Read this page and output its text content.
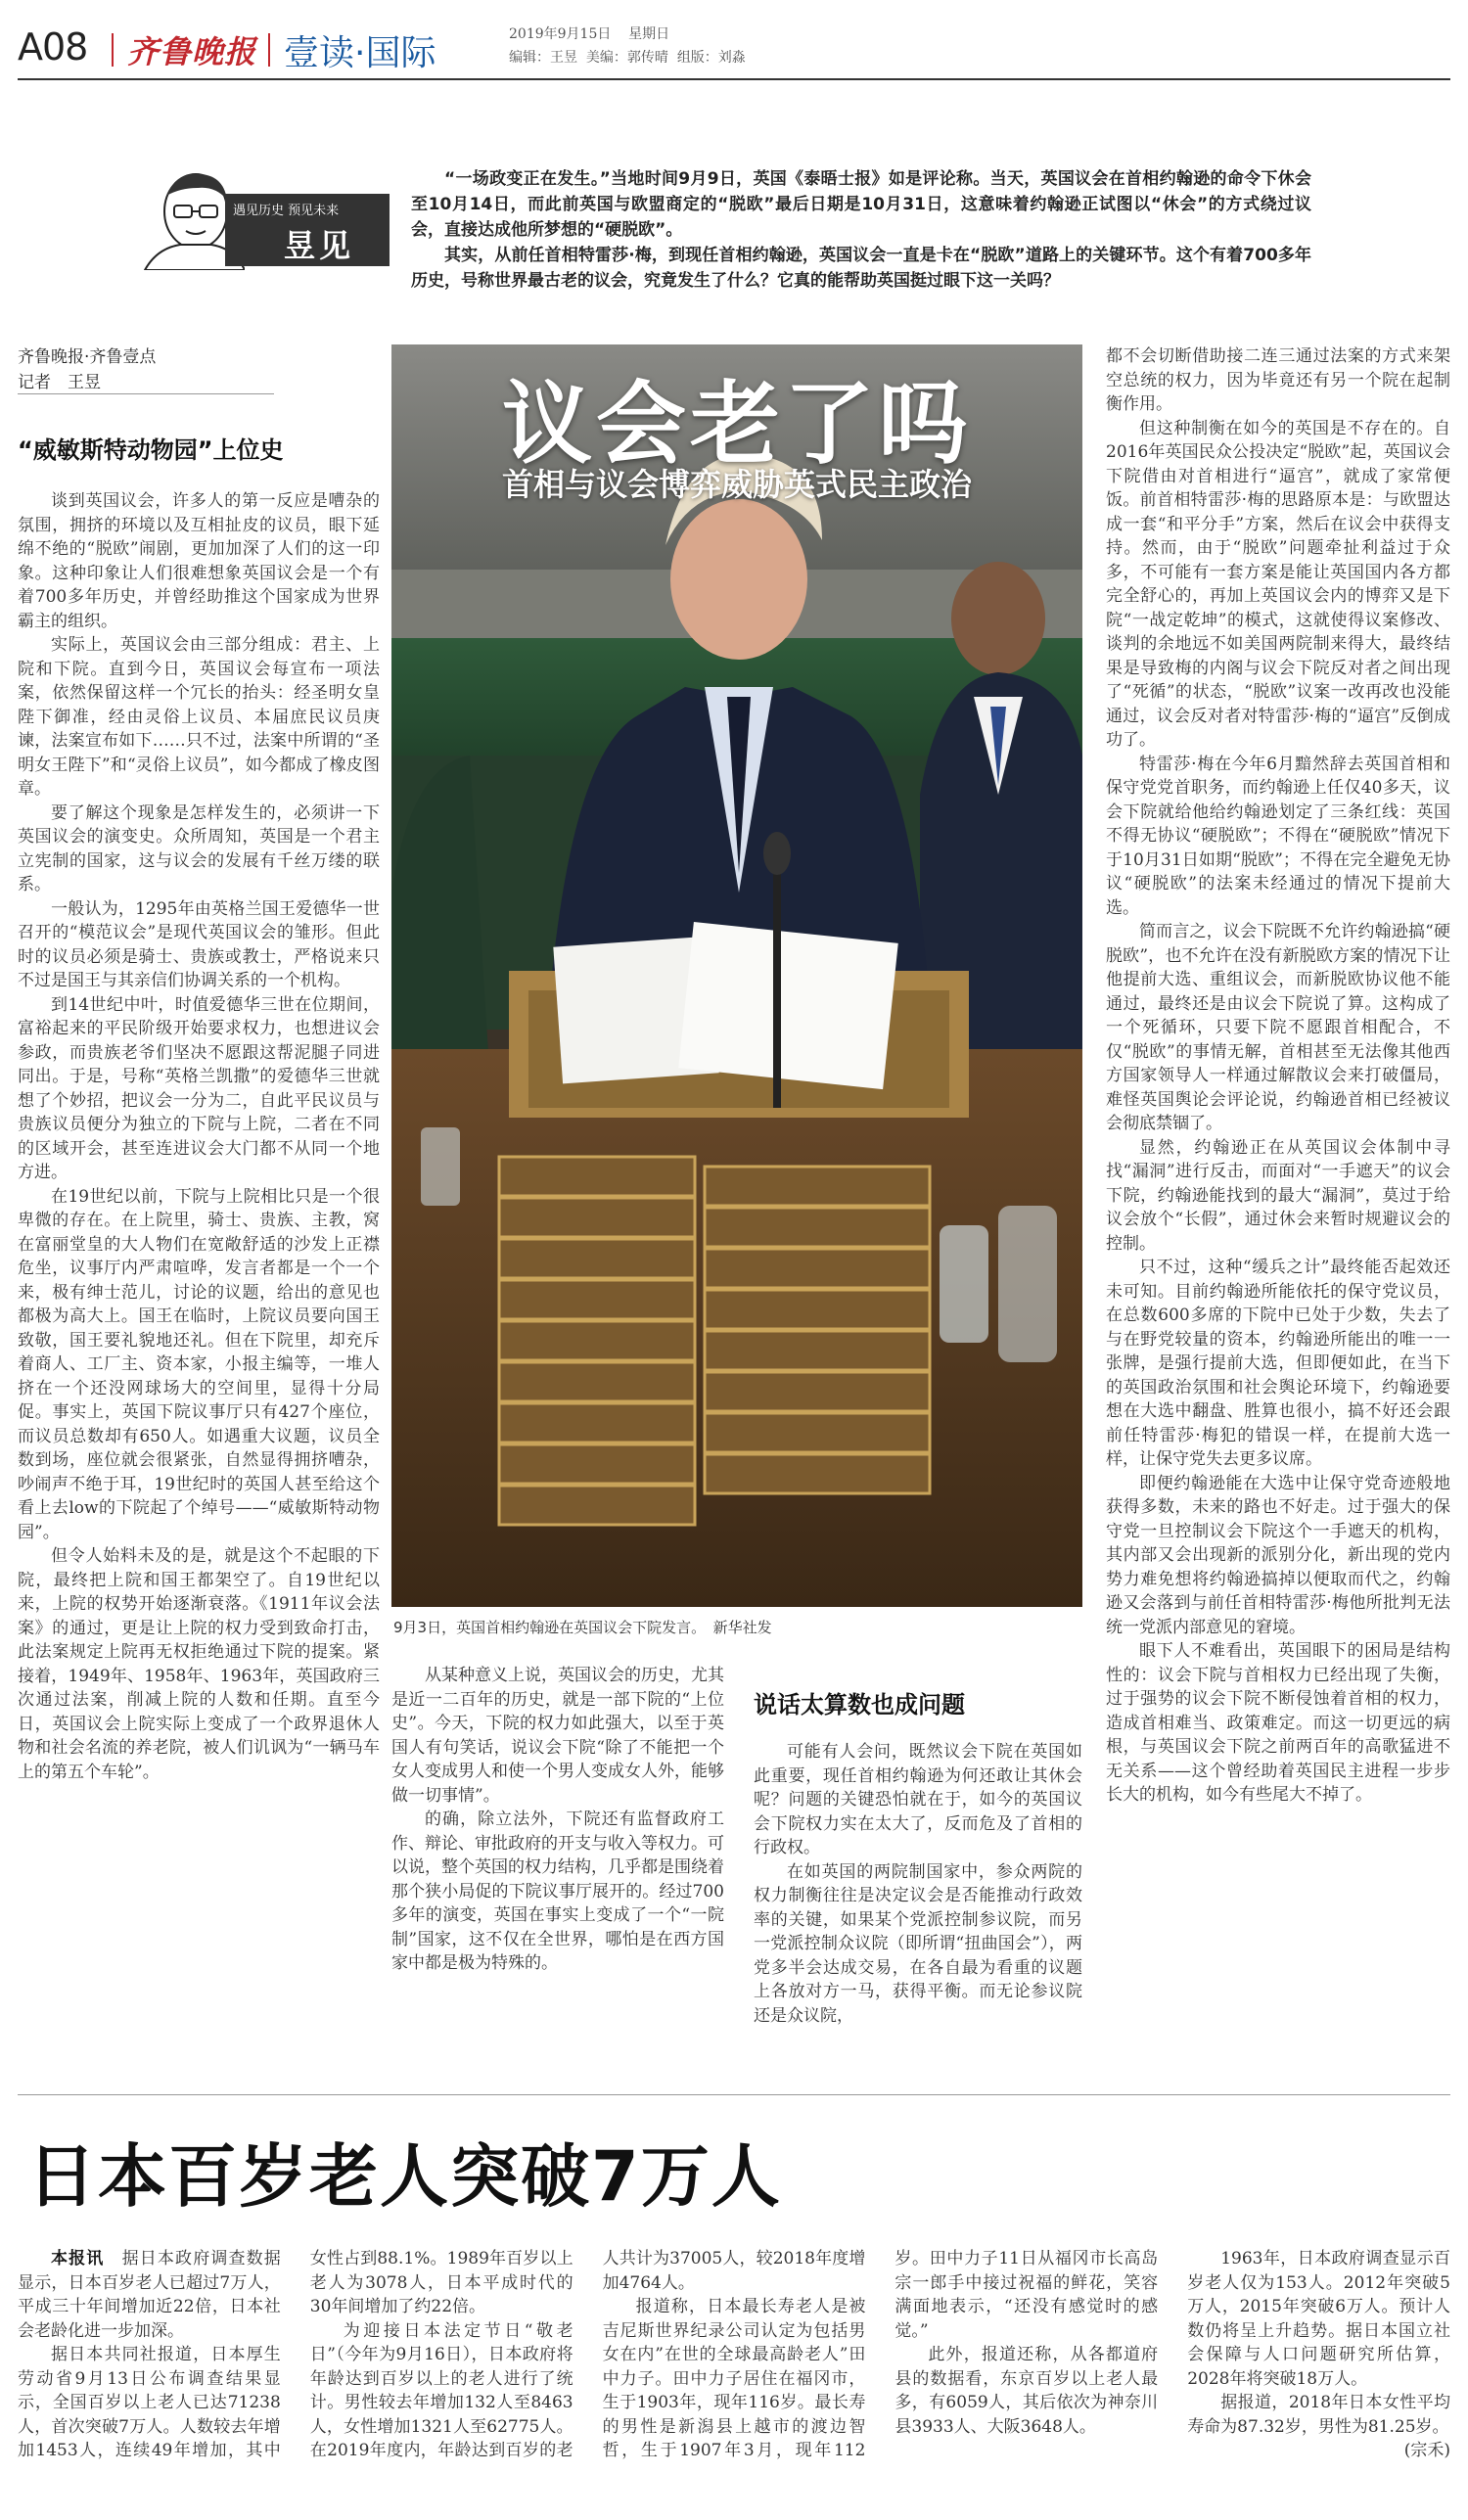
A08 齐鲁晚报 壹读·国际	2019年9月15日 星期日
编辑：王昱 美编：郭传晴 组版：刘淼
遇见历史 预见未来
昱见

“一场政变正在发生。”当地时间9月9日，英国《泰晤士报》如是评论称。当天，英国议会在首相约翰逊的命令下休会至10月14日，而此前英国与欧盟商定的“脱欧”最后日期是10月31日，这意味着约翰逊正试图以“休会”的方式绕过议会，直接达成他所梦想的“硬脱欧”。

其实，从前任首相特雷莎·梅，到现任首相约翰逊，英国议会一直是卡在“脱欧”道路上的关键环节。这个有着700多年历史，号称世界最古老的议会，究竟发生了什么？它真的能帮助英国挺过眼下这一关吗？

齐鲁晚报·齐鲁壹点
记者　王昱
“威敏斯特动物园”上位史

谈到英国议会，许多人的第一反应是嘈杂的氛围，拥挤的环境以及互相扯皮的议员，眼下延绵不绝的“脱欧”闹剧，更加加深了人们的这一印象。这种印象让人们很难想象英国议会是一个有着700多年历史，并曾经助推这个国家成为世界霸主的组织。

实际上，英国议会由三部分组成：君主、上院和下院。直到今日，英国议会每宣布一项法案，依然保留这样一个冗长的抬头：经圣明女皇陛下御准，经由灵俗上议员、本届庶民议员庚谏，法案宣布如下……只不过，法案中所谓的“圣明女王陛下”和“灵俗上议员”，如今都成了橡皮图章。

要了解这个现象是怎样发生的，必须讲一下英国议会的演变史。众所周知，英国是一个君主立宪制的国家，这与议会的发展有千丝万缕的联系。

一般认为，1295年由英格兰国王爱德华一世召开的“模范议会”是现代英国议会的雏形。但此时的议员必须是骑士、贵族或教士，严格说来只不过是国王与其亲信们协调关系的一个机构。

到14世纪中叶，时值爱德华三世在位期间，富裕起来的平民阶级开始要求权力，也想进议会参政，而贵族老爷们坚决不愿跟这帮泥腿子同进同出。于是，号称“英格兰凯撒”的爱德华三世就想了个妙招，把议会一分为二，自此平民议员与贵族议员便分为独立的下院与上院，二者在不同的区域开会，甚至连进议会大门都不从同一个地方进。

在19世纪以前，下院与上院相比只是一个很卑微的存在。在上院里，骑士、贵族、主教，窝在富丽堂皇的大人物们在宽敞舒适的沙发上正襟危坐，议事厅内严肃喧哗，发言者都是一个一个来，极有绅士范儿，讨论的议题，给出的意见也都极为高大上。国王在临时，上院议员要向国王致敬，国王要礼貌地还礼。但在下院里，却充斥着商人、工厂主、资本家，小报主编等，一堆人挤在一个还没网球场大的空间里，显得十分局促。事实上，英国下院议事厅只有427个座位，而议员总数却有650人。如遇重大议题，议员全数到场，座位就会很紧张，自然显得拥挤嘈杂，吵闹声不绝于耳，19世纪时的英国人甚至给这个看上去low的下院起了个绰号——“威敏斯特动物园”。

但令人始料未及的是，就是这个不起眼的下院，最终把上院和国王都架空了。自19世纪以来，上院的权势开始逐渐衰落。《1911年议会法案》的通过，更是让上院的权力受到致命打击，此法案规定上院再无权拒绝通过下院的提案。紧接着，1949年、1958年、1963年，英国政府三次通过法案，削减上院的人数和任期。直至今日，英国议会上院实际上变成了一个政界退休人物和社会名流的养老院，被人们讥讽为“一辆马车上的第五个车轮”。

议会老了吗
首相与议会博弈威胁英式民主政治
9月3日，英国首相约翰逊在英国议会下院发言。　新华社发

从某种意义上说，英国议会的历史，尤其是近一二百年的历史，就是一部下院的“上位史”。今天，下院的权力如此强大，以至于英国人有句笑话，说议会下院“除了不能把一个女人变成男人和使一个男人变成女人外，能够做一切事情”。

的确，除立法外，下院还有监督政府工作、辩论、审批政府的开支与收入等权力。可以说，整个英国的权力结构，几乎都是围绕着那个狭小局促的下院议事厅展开的。经过700多年的演变，英国在事实上变成了一个“一院制”国家，这不仅在全世界，哪怕是在西方国家中都是极为特殊的。

说话太算数也成问题

可能有人会问，既然议会下院在英国如此重要，现任首相约翰逊为何还敢让其休会呢？问题的关键恐怕就在于，如今的英国议会下院权力实在太大了，反而危及了首相的行政权。

在如英国的两院制国家中，参众两院的权力制衡往往是决定议会是否能推动行政效率的关键，如果某个党派控制参议院，而另一党派控制众议院（即所谓“扭曲国会”），两党多半会达成交易，在各自最为看重的议题上各放对方一马，获得平衡。而无论参议院还是众议院，

都不会切断借助接二连三通过法案的方式来架空总统的权力，因为毕竟还有另一个院在起制衡作用。

但这种制衡在如今的英国是不存在的。自2016年英国民众公投决定“脱欧”起，英国议会下院借由对首相进行“逼宫”，就成了家常便饭。前首相特雷莎·梅的思路原本是：与欧盟达成一套“和平分手”方案，然后在议会中获得支持。然而，由于“脱欧”问题牵扯利益过于众多，不可能有一套方案是能让英国国内各方都完全舒心的，再加上英国议会内的博弈又是下院“一战定乾坤”的模式，这就使得议案修改、谈判的余地远不如美国两院制来得大，最终结果是导致梅的内阁与议会下院反对者之间出现了“死循”的状态，“脱欧”议案一改再改也没能通过，议会反对者对特雷莎·梅的“逼宫”反倒成功了。

特雷莎·梅在今年6月黯然辞去英国首相和保守党党首职务，而约翰逊上任仅40多天，议会下院就给他给约翰逊划定了三条红线：英国不得无协议“硬脱欧”；不得在“硬脱欧”情况下于10月31日如期“脱欧”；不得在完全避免无协议“硬脱欧”的法案未经通过的情况下提前大选。

简而言之，议会下院既不允许约翰逊搞“硬脱欧”，也不允许在没有新脱欧方案的情况下让他提前大选、重组议会，而新脱欧协议他不能通过，最终还是由议会下院说了算。这构成了一个死循环，只要下院不愿跟首相配合，不仅“脱欧”的事情无解，首相甚至无法像其他西方国家领导人一样通过解散议会来打破僵局，难怪英国舆论会评论说，约翰逊首相已经被议会彻底禁锢了。

显然，约翰逊正在从英国议会体制中寻找“漏洞”进行反击，而面对“一手遮天”的议会下院，约翰逊能找到的最大“漏洞”，莫过于给议会放个“长假”，通过休会来暂时规避议会的控制。

只不过，这种“缓兵之计”最终能否起效还未可知。目前约翰逊所能依托的保守党议员，在总数600多席的下院中已处于少数，失去了与在野党较量的资本，约翰逊所能出的唯一一张牌，是强行提前大选，但即便如此，在当下的英国政治氛围和社会舆论环境下，约翰逊要想在大选中翻盘、胜算也很小，搞不好还会跟前任特雷莎·梅犯的错误一样，在提前大选一样，让保守党失去更多议席。

即便约翰逊能在大选中让保守党奇迹般地获得多数，未来的路也不好走。过于强大的保守党一旦控制议会下院这个一手遮天的机构，其内部又会出现新的派别分化，新出现的党内势力难免想将约翰逊搞掉以便取而代之，约翰逊又会落到与前任首相特雷莎·梅他所批判无法统一党派内部意见的窘境。

眼下人不难看出，英国眼下的困局是结构性的：议会下院与首相权力已经出现了失衡，过于强势的议会下院不断侵蚀着首相的权力，造成首相难当、政策难定。而这一切更远的病根，与英国议会下院之前两百年的高歌猛进不无关系——这个曾经助着英国民主进程一步步长大的机构，如今有些尾大不掉了。

日本百岁老人突破7万人

本报讯　 据日本政府调查数据显示，日本百岁老人已超过7万人，平成三十年间增加近22倍，日本社会老龄化进一步加深。

据日本共同社报道，日本厚生劳动省9月13日公布调查结果显示，全国百岁以上老人已达71238人，首次突破7万人。人数较去年增加1453人，连续49年增加，其中女性占到88.1%。1989年百岁以上老人为3078人，日本平成时代的30年间增加了约22倍。

为迎接日本法定节日“敬老日”（今年为9月16日），日本政府将年龄达到百岁以上的老人进行了统计。男性较去年增加132人至8463人，女性增加1321人至62775人。在2019年度内，年龄达到百岁的老人共计为37005人，较2018年度增加4764人。

报道称，日本最长寿老人是被吉尼斯世界纪录公司认定为包括男女在内”在世的全球最高龄老人”田中力子。田中力子居住在福冈市，生于1903年，现年116岁。最长寿的男性是新潟县上越市的渡边智哲，生于1907年3月，现年112岁。田中力子11日从福冈市长高岛宗一郎手中接过祝福的鲜花，笑容满面地表示，“还没有感觉时的感觉。”

此外，报道还称，从各都道府县的数据看，东京百岁以上老人最多，有6059人，其后依次为神奈川县3933人、大阪3648人。

1963年，日本政府调查显示百岁老人仅为153人。2012年突破5万人，2015年突破6万人。预计人数仍将呈上升趋势。据日本国立社会保障与人口问题研究所估算，2028年将突破18万人。

据报道，2018年日本女性平均寿命为87.32岁，男性为81.25岁。
(宗禾)
